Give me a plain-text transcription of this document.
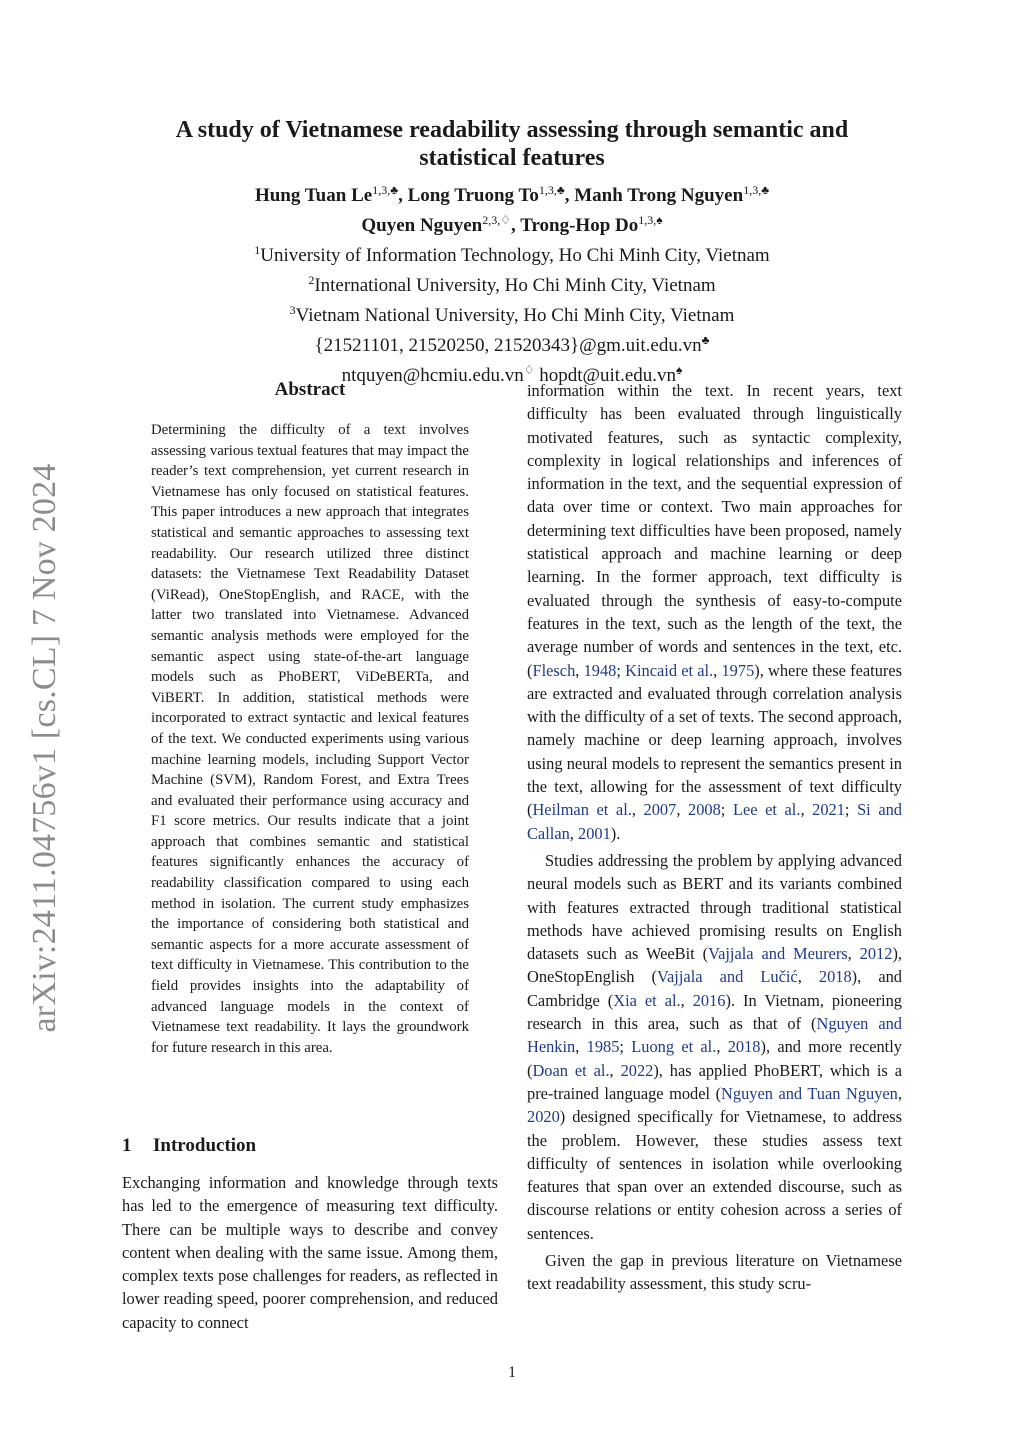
arXiv:2411.04756v1 [cs.CL] 7 Nov 2024
A study of Vietnamese readability assessing through semantic and statistical features
Hung Tuan $Le^{1,3,♣}$, Long Truong $To^{1,3,♣}$, Manh Trong Nguyen$^{1,3,♣}$
Quyen Nguyen$^{2,3,♢}$, Trong-Hop $Do^{1,3,♠}$
$^1$University of Information Technology, Ho Chi Minh City, Vietnam
$^2$International University, Ho Chi Minh City, Vietnam
$^3$Vietnam National University, Ho Chi Minh City, Vietnam
{21521101, 21520250, 21520343}@gm.uit.edu.vn♣
ntquyen@hcmiu.edu.vn♢ hopdt@uit.edu.vn♠
Abstract

Determining the difficulty of a text involves assessing various textual features that may impact the reader’s text comprehension, yet current research in Vietnamese has only focused on statistical features. This paper introduces a new approach that integrates statistical and semantic approaches to assessing text readability. Our research utilized three distinct datasets: the Vietnamese Text Readability Dataset (ViRead), OneStopEnglish, and RACE, with the latter two translated into Vietnamese. Advanced semantic analysis methods were employed for the semantic aspect using state-of-the-art language models such as PhoBERT, ViDeBERTa, and ViBERT. In addition, statistical methods were incorporated to extract syntactic and lexical features of the text. We conducted experiments using various machine learning models, including Support Vector Machine (SVM), Random Forest, and Extra Trees and evaluated their performance using accuracy and F1 score metrics. Our results indicate that a joint approach that combines semantic and statistical features significantly enhances the accuracy of readability classification compared to using each method in isolation. The current study emphasizes the importance of considering both statistical and semantic aspects for a more accurate assessment of text difficulty in Vietnamese. This contribution to the field provides insights into the adaptability of advanced language models in the context of Vietnamese text readability. It lays the groundwork for future research in this area.

1 Introduction

Exchanging information and knowledge through texts has led to the emergence of measuring text difficulty. There can be multiple ways to describe and convey content when dealing with the same issue. Among them, complex texts pose challenges for readers, as reflected in lower reading speed, poorer comprehension, and reduced capacity to connect

information within the text. In recent years, text difficulty has been evaluated through linguistically motivated features, such as syntactic complexity, complexity in logical relationships and inferences of information in the text, and the sequential expression of data over time or context. Two main approaches for determining text difficulties have been proposed, namely statistical approach and machine learning or deep learning. In the former approach, text difficulty is evaluated through the synthesis of easy-to-compute features in the text, such as the length of the text, the average number of words and sentences in the text, etc. (Flesch, 1948; Kincaid et al., 1975), where these features are extracted and evaluated through correlation analysis with the difficulty of a set of texts. The second approach, namely machine or deep learning approach, involves using neural models to represent the semantics present in the text, allowing for the assessment of text difficulty (Heilman et al., 2007, 2008; Lee et al., 2021; Si and Callan, 2001).

Studies addressing the problem by applying advanced neural models such as BERT and its variants combined with features extracted through traditional statistical methods have achieved promising results on English datasets such as WeeBit (Vajjala and Meurers, 2012), OneStopEnglish (Vajjala and Lučić, 2018), and Cambridge (Xia et al., 2016). In Vietnam, pioneering research in this area, such as that of (Nguyen and Henkin, 1985; Luong et al., 2018), and more recently (Doan et al., 2022), has applied PhoBERT, which is a pre-trained language model (Nguyen and Tuan Nguyen, 2020) designed specifically for Vietnamese, to address the problem. However, these studies assess text difficulty of sentences in isolation while overlooking features that span over an extended discourse, such as discourse relations or entity cohesion across a series of sentences.

Given the gap in previous literature on Vietnamese text readability assessment, this study scru-

1
